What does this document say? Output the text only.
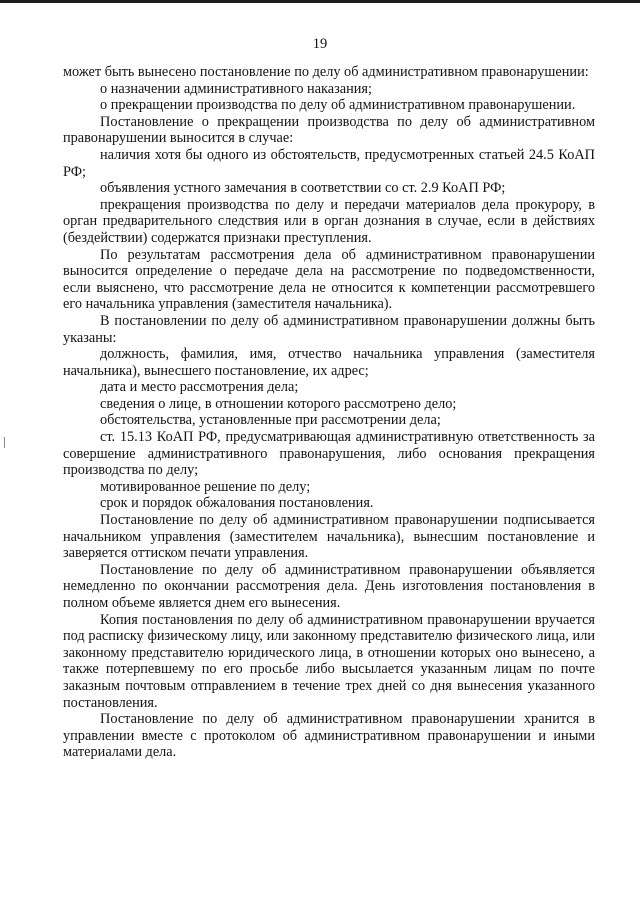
19

может быть вынесено постановление по делу об административном правонарушении:

о назначении административного наказания;

о прекращении производства по делу об административном правонарушении.

Постановление о прекращении производства по делу об административном правонарушении выносится в случае:

наличия хотя бы одного из обстоятельств, предусмотренных статьей 24.5 КоАП РФ;

объявления устного замечания в соответствии со ст. 2.9 КоАП РФ;

прекращения производства по делу и передачи материалов дела прокурору, в орган предварительного следствия или в орган дознания в случае, если в действиях (бездействии) содержатся признаки преступления.

По результатам рассмотрения дела об административном правонарушении выносится определение о передаче дела на рассмотрение по подведомственности, если выяснено, что рассмотрение дела не относится к компетенции рассмотревшего его начальника управления (заместителя начальника).

В постановлении по делу об административном правонарушении должны быть указаны:

должность, фамилия, имя, отчество начальника управления (заместителя начальника), вынесшего постановление, их адрес;

дата и место рассмотрения дела;

сведения о лице, в отношении которого рассмотрено дело;

обстоятельства, установленные при рассмотрении дела;

ст. 15.13 КоАП РФ, предусматривающая административную ответственность за совершение административного правонарушения, либо основания прекращения производства по делу;

мотивированное решение по делу;

срок и порядок обжалования постановления.

Постановление по делу об административном правонарушении подписывается начальником управления (заместителем начальника), вынесшим постановление и заверяется оттиском печати управления.

Постановление по делу об административном правонарушении объявляется немедленно по окончании рассмотрения дела. День изготовления постановления в полном объеме является днем его вынесения.

Копия постановления по делу об административном правонарушении вручается под расписку физическому лицу, или законному представителю физического лица, или законному представителю юридического лица, в отношении которых оно вынесено, а также потерпевшему по его просьбе либо высылается указанным лицам по почте заказным почтовым отправлением в течение трех дней со дня вынесения указанного постановления.

Постановление по делу об административном правонарушении хранится в управлении вместе с протоколом об административном правонарушении и иными материалами дела.
